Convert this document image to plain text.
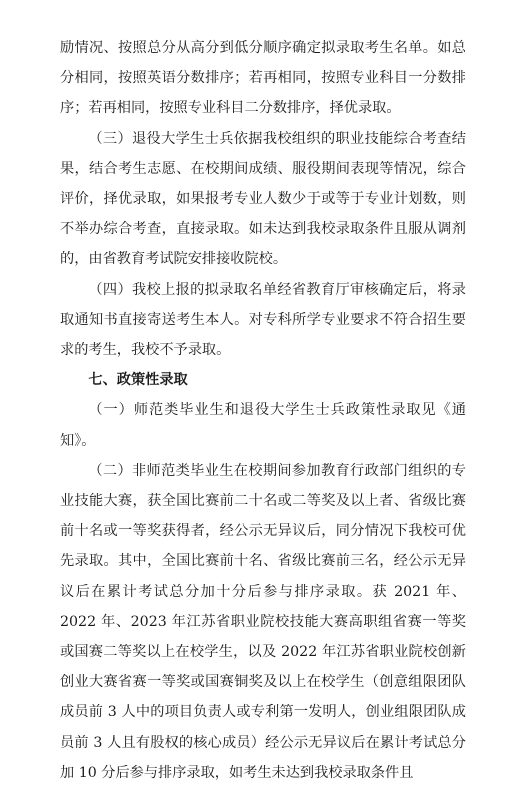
励情况、按照总分从高分到低分顺序确定拟录取考生名单。如总分相同，按照英语分数排序；若再相同，按照专业科目一分数排序；若再相同，按照专业科目二分数排序，择优录取。

（三）退役大学生士兵依据我校组织的职业技能综合考查结果，结合考生志愿、在校期间成绩、服役期间表现等情况，综合评价，择优录取，如果报考专业人数少于或等于专业计划数，则不举办综合考查，直接录取。如未达到我校录取条件且服从调剂的，由省教育考试院安排接收院校。

（四）我校上报的拟录取名单经省教育厅审核确定后，将录取通知书直接寄送考生本人。对专科所学专业要求不符合招生要求的考生，我校不予录取。

七、政策性录取

（一）师范类毕业生和退役大学生士兵政策性录取见《通知》。

（二）非师范类毕业生在校期间参加教育行政部门组织的专业技能大赛，获全国比赛前二十名或二等奖及以上者、省级比赛前十名或一等奖获得者，经公示无异议后，同分情况下我校可优先录取。其中，全国比赛前十名、省级比赛前三名，经公示无异议后在累计考试总分加十分后参与排序录取。获 2021 年、2022 年、2023 年江苏省职业院校技能大赛高职组省赛一等奖或国赛二等奖以上在校学生，以及 2022 年江苏省职业院校创新创业大赛省赛一等奖或国赛铜奖及以上在校学生（创意组限团队成员前 3 人中的项目负责人或专利第一发明人，创业组限团队成员前 3 人且有股权的核心成员）经公示无异议后在累计考试总分加 10 分后参与排序录取，如考生未达到我校录取条件且
